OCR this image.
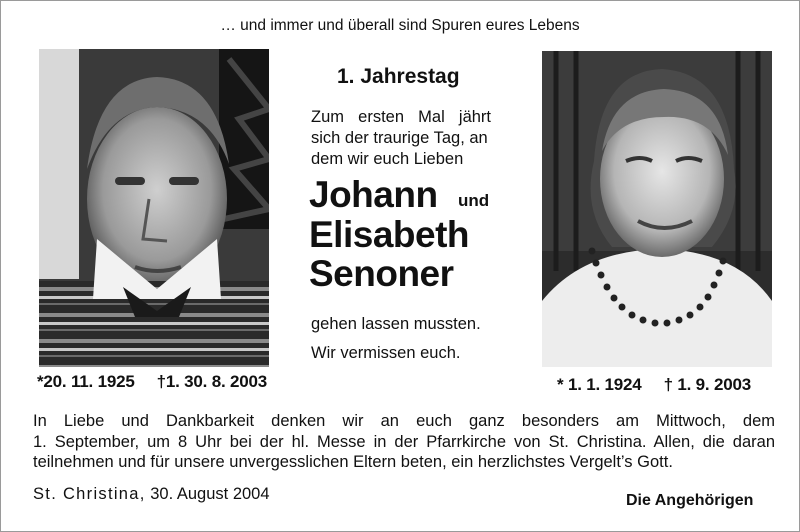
… und immer und überall sind Spuren eures Lebens
*20. 11. 1925 †1. 30. 8. 2003	* 1. 1. 1924 † 1. 9. 2003
1. Jahrestag
Zum ersten Mal jährt
sich der traurige Tag, an
dem wir euch Lieben
Johann und
Elisabeth
Senoner
gehen lassen mussten.
Wir vermissen euch.
In Liebe und Dankbarkeit denken wir an euch ganz besonders am Mittwoch, dem
1. September, um 8 Uhr bei der hl. Messe in der Pfarrkirche von St. Christina. Allen, die daran
teilnehmen und für unsere unvergesslichen Eltern beten, ein herzlichstes Vergelt’s Gott.
St. Christina, 30. August 2004	Die Angehörigen
